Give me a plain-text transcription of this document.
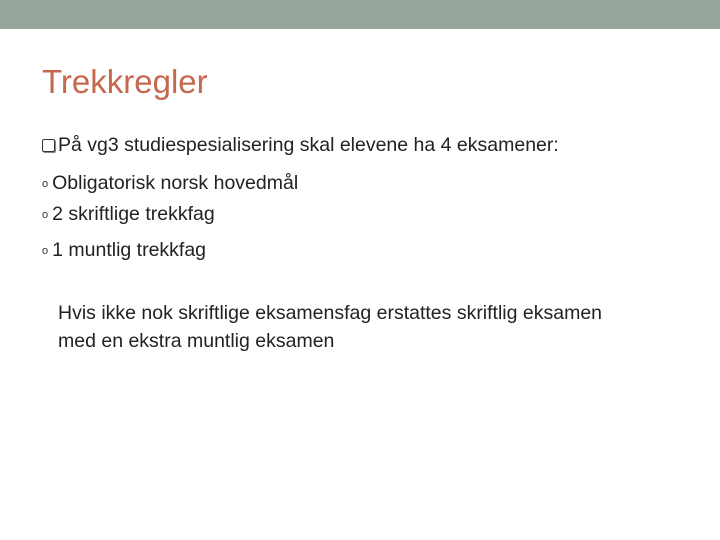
Trekkregler
På vg3 studiespesialisering skal elevene ha 4 eksamener:
o Obligatorisk norsk hovedmål
o 2 skriftlige trekkfag
o 1 muntlig trekkfag
Hvis ikke nok skriftlige eksamensfag erstattes skriftlig eksamen
med en ekstra muntlig eksamen
